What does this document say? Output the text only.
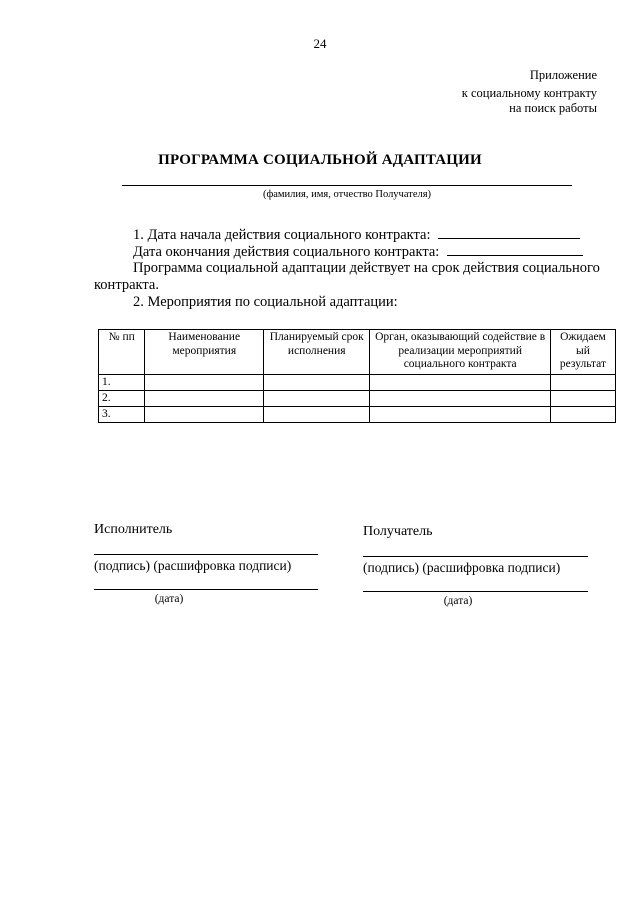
24
Приложение
к социальному контракту
на поиск работы
ПРОГРАММА СОЦИАЛЬНОЙ АДАПТАЦИИ
(фамилия, имя, отчество Получателя)
1. Дата начала действия социального контракта:
Дата окончания действия социального контракта:
Программа социальной адаптации действует на срок действия социального
контракта.
2. Мероприятия по социальной адаптации:
№ пп	Наименование мероприятия	Планируемый срок исполнения	Орган, оказывающий содействие в реализации мероприятий социального контракта	Ожидаем ый результат
1.				
2.				
3.				
Исполнитель
(подпись) (расшифровка подписи)
(дата)
Получатель
(подпись) (расшифровка подписи)
(дата)
